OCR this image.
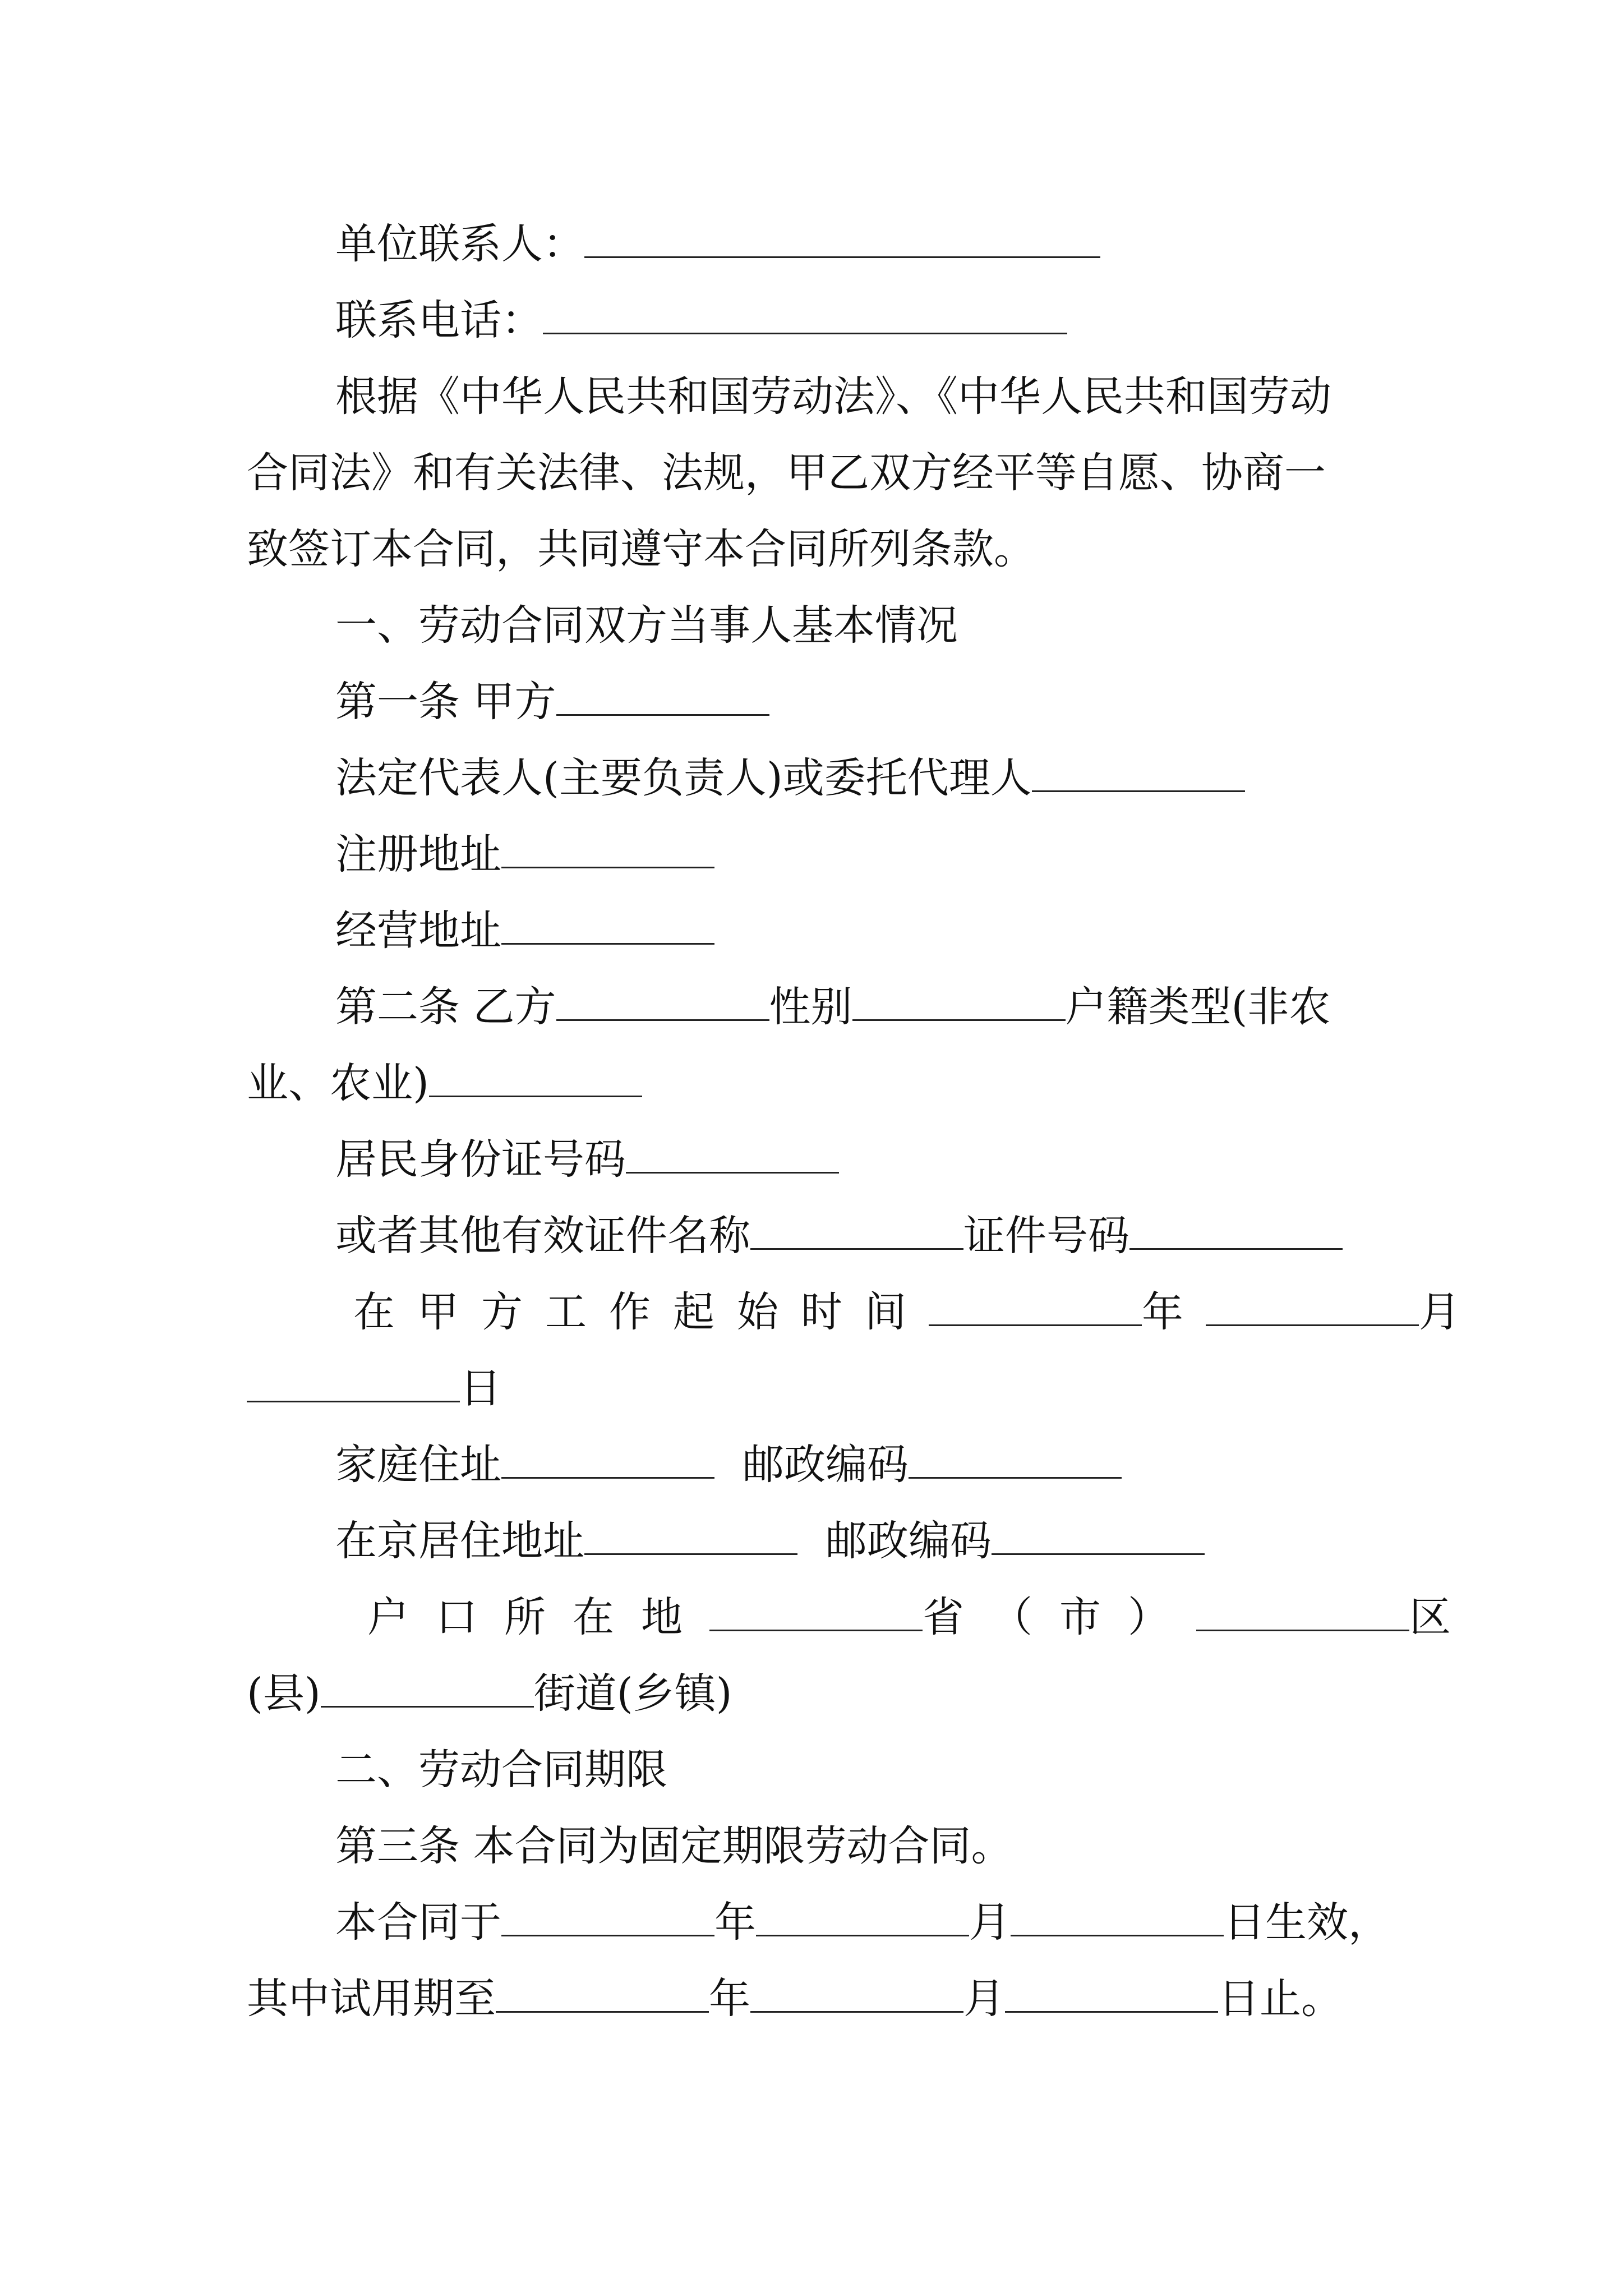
单位联系人：
联系电话：
根据《中华人民共和国劳动法》、《中华人民共和国劳动
合同法》和有关法律、法规，甲乙双方经平等自愿、协商一
致签订本合同，共同遵守本合同所列条款。
一、劳动合同双方当事人基本情况
第一条 甲方
法定代表人(主要负责人)或委托代理人
注册地址
经营地址
第二条 乙方	性别	户籍类型(非农
业、农业)
居民身份证号码
或者其他有效证件名称	证件号码
在甲方工作起始时间	年	月
日
家庭住址	邮政编码
在京居住地址	邮政编码
户口所在地	省（市）	区
(县)	街道(乡镇)
二、劳动合同期限
第三条 本合同为固定期限劳动合同。
本合同于	年	月	日生效，
其中试用期至	年	月	日止。
